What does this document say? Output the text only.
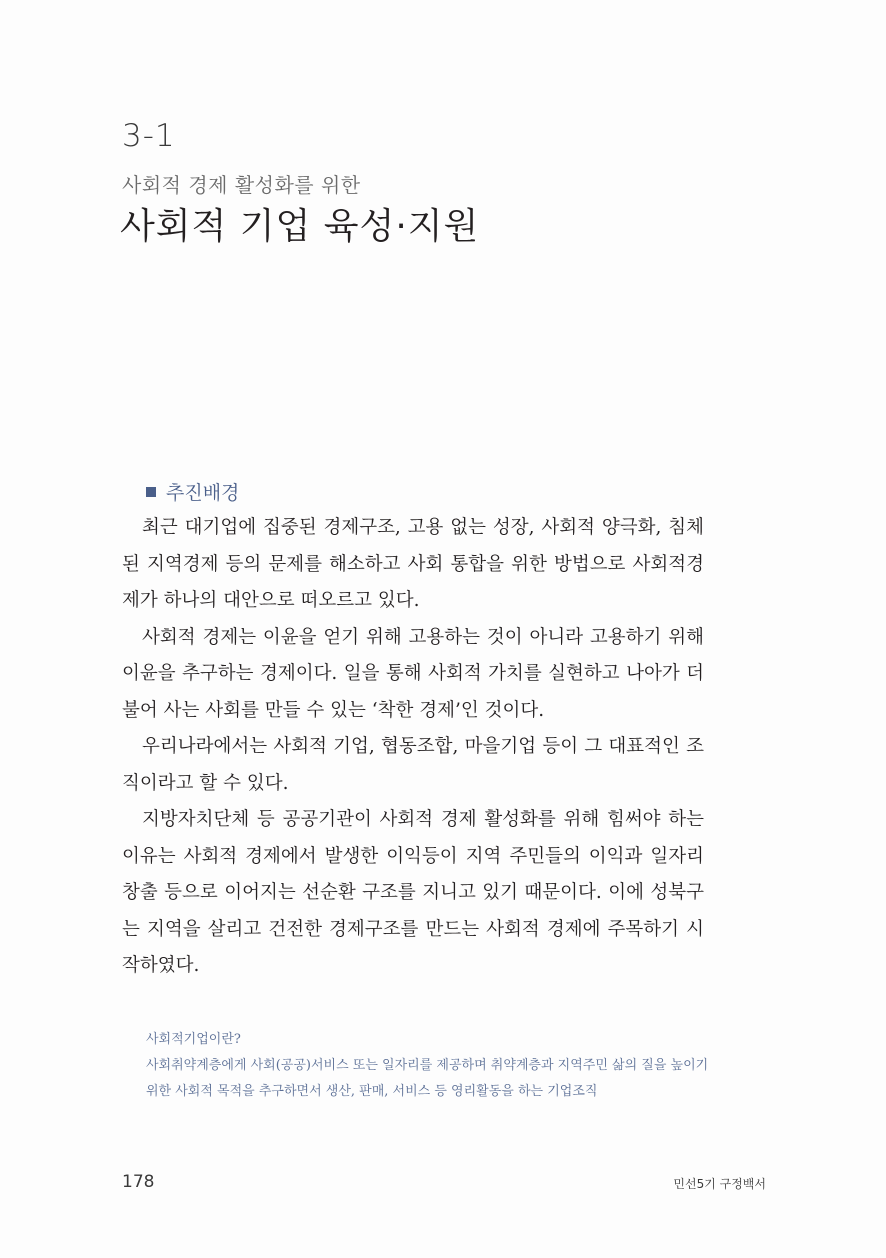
3-1
사회적 경제 활성화를 위한
사회적 기업 육성·지원
추진배경

최근 대기업에 집중된 경제구조, 고용 없는 성장, 사회적 양극화, 침체된 지역경제 등의 문제를 해소하고 사회 통합을 위한 방법으로 사회적경제가 하나의 대안으로 떠오르고 있다.

사회적 경제는 이윤을 얻기 위해 고용하는 것이 아니라 고용하기 위해 이윤을 추구하는 경제이다. 일을 통해 사회적 가치를 실현하고 나아가 더불어 사는 사회를 만들 수 있는 ‘착한 경제’인 것이다.

우리나라에서는 사회적 기업, 협동조합, 마을기업 등이 그 대표적인 조직이라고 할 수 있다.

지방자치단체 등 공공기관이 사회적 경제 활성화를 위해 힘써야 하는 이유는 사회적 경제에서 발생한 이익등이 지역 주민들의 이익과 일자리 창출 등으로 이어지는 선순환 구조를 지니고 있기 때문이다. 이에 성북구는 지역을 살리고 건전한 경제구조를 만드는 사회적 경제에 주목하기 시작하였다.

사회적기업이란?
사회취약계층에게 사회(공공)서비스 또는 일자리를 제공하며 취약계층과 지역주민 삶의 질을 높이기 위한 사회적 목적을 추구하면서 생산, 판매, 서비스 등 영리활동을 하는 기업조직
178	민선5기 구정백서
